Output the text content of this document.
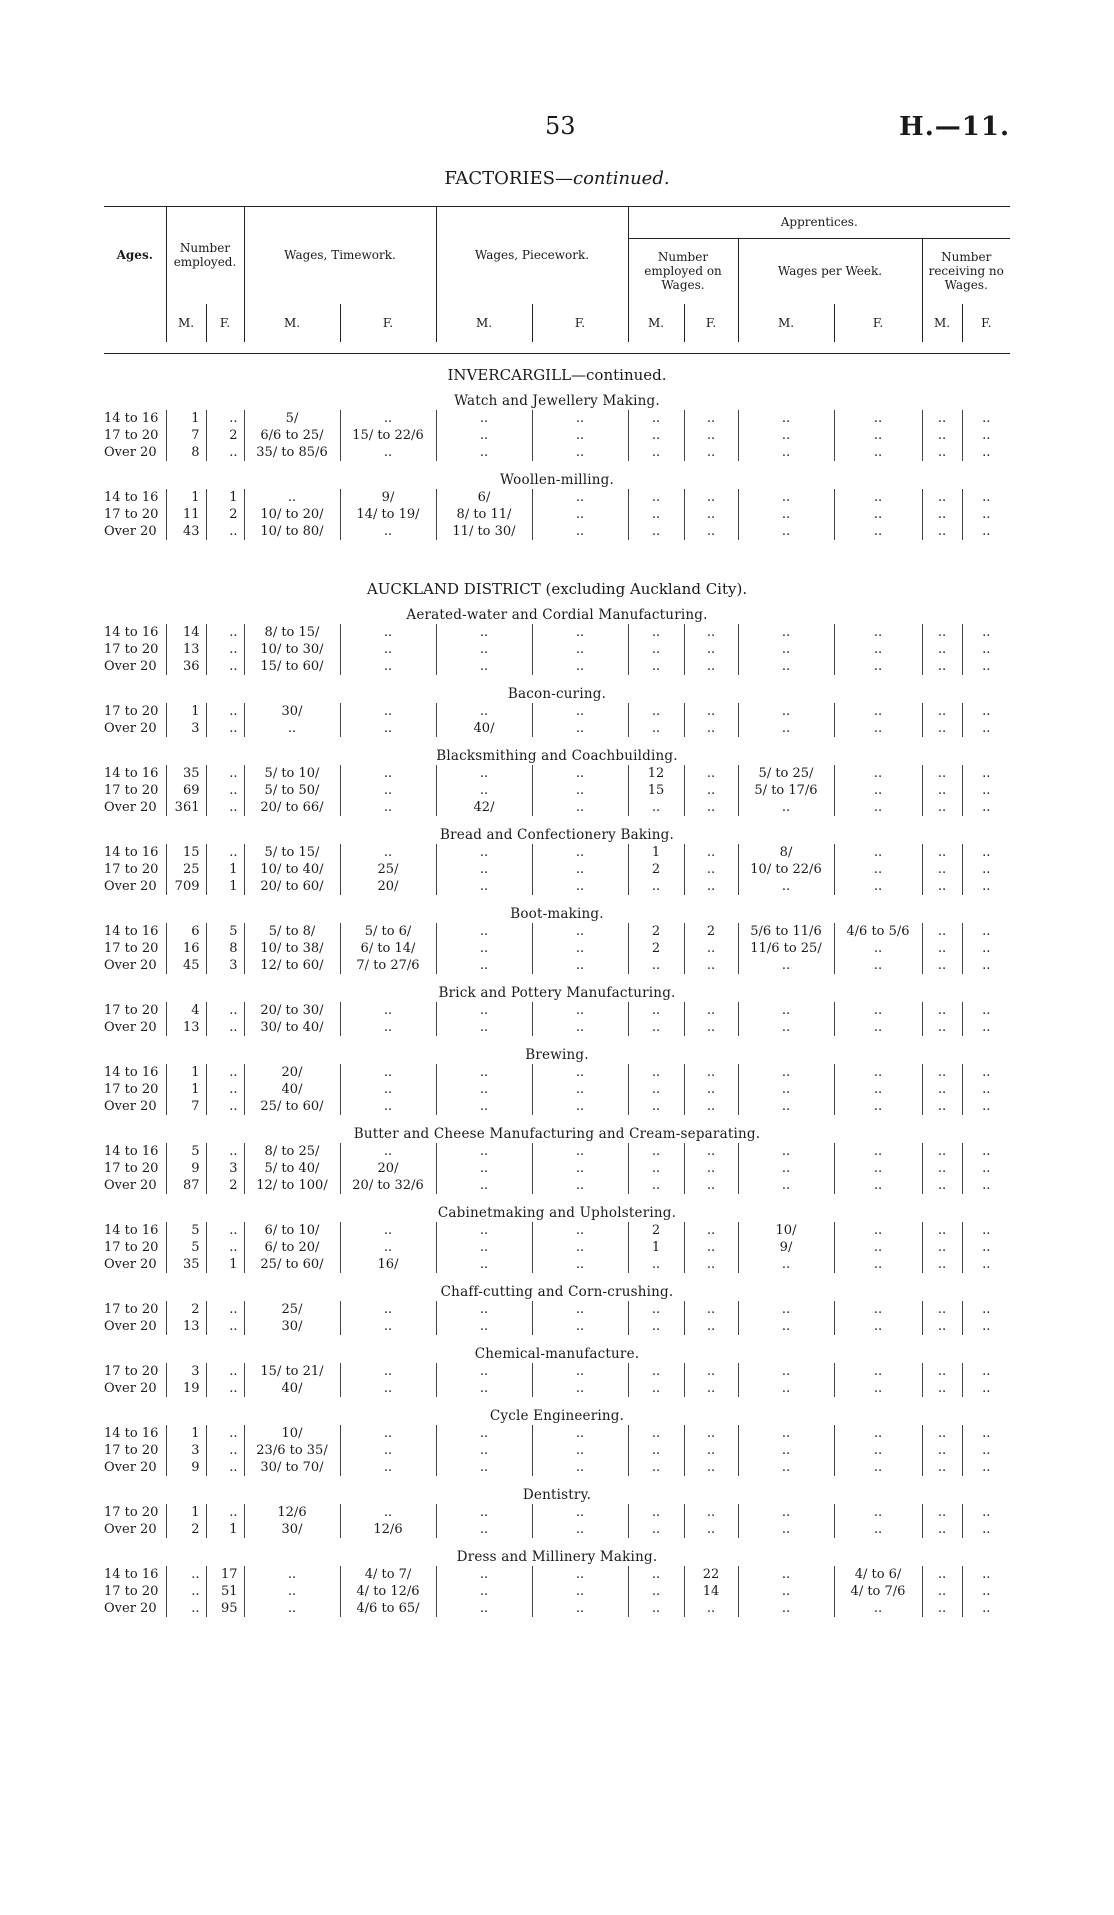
53	H.—11.
FACTORIES—continued.
Ages.	Number employed.		Wages, Timework.		Wages, Piecework.		Apprentices.					
							Number employed on Wages.		Wages per Week.		Number receiving no Wages.	
	M.	F.	M.	F.	M.	F.	M.	F.	M.	F.	M.	F.
INVERCARGILL—continued.
Watch and Jewellery Making.
14 to 16	1	..	5/	..	..	..	..	..	..	..	..	..
17 to 20	7	2	6/6 to 25/	15/ to 22/6	..	..	..	..	..	..	..	..
Over 20	8	..	35/ to 85/6	..	..	..	..	..	..	..	..	..
Woollen-milling.
14 to 16	1	1	..	9/	6/	..	..	..	..	..	..	..
17 to 20	11	2	10/ to 20/	14/ to 19/	8/ to 11/	..	..	..	..	..	..	..
Over 20	43	..	10/ to 80/	..	11/ to 30/	..	..	..	..	..	..	..
AUCKLAND DISTRICT (excluding Auckland City).
Aerated-water and Cordial Manufacturing.
14 to 16	14	..	8/ to 15/	..	..	..	..	..	..	..	..	..
17 to 20	13	..	10/ to 30/	..	..	..	..	..	..	..	..	..
Over 20	36	..	15/ to 60/	..	..	..	..	..	..	..	..	..
Bacon-curing.
17 to 20	1	..	30/	..	..	..	..	..	..	..	..	..
Over 20	3	..	..	..	40/	..	..	..	..	..	..	..
Blacksmithing and Coachbuilding.
14 to 16	35	..	5/ to 10/	..	..	..	12	..	5/ to 25/	..	..	..
17 to 20	69	..	5/ to 50/	..	..	..	15	..	5/ to 17/6	..	..	..
Over 20	361	..	20/ to 66/	..	42/	..	..	..	..	..	..	..
Bread and Confectionery Baking.
14 to 16	15	..	5/ to 15/	..	..	..	1	..	8/	..	..	..
17 to 20	25	1	10/ to 40/	25/	..	..	2	..	10/ to 22/6	..	..	..
Over 20	709	1	20/ to 60/	20/	..	..	..	..	..	..	..	..
Boot-making.
14 to 16	6	5	5/ to 8/	5/ to 6/	..	..	2	2	5/6 to 11/6	4/6 to 5/6	..	..
17 to 20	16	8	10/ to 38/	6/ to 14/	..	..	2	..	11/6 to 25/	..	..	..
Over 20	45	3	12/ to 60/	7/ to 27/6	..	..	..	..	..	..	..	..
Brick and Pottery Manufacturing.
17 to 20	4	..	20/ to 30/	..	..	..	..	..	..	..	..	..
Over 20	13	..	30/ to 40/	..	..	..	..	..	..	..	..	..
Brewing.
14 to 16	1	..	20/	..	..	..	..	..	..	..	..	..
17 to 20	1	..	40/	..	..	..	..	..	..	..	..	..
Over 20	7	..	25/ to 60/	..	..	..	..	..	..	..	..	..
Butter and Cheese Manufacturing and Cream-separating.
14 to 16	5	..	8/ to 25/	..	..	..	..	..	..	..	..	..
17 to 20	9	3	5/ to 40/	20/	..	..	..	..	..	..	..	..
Over 20	87	2	12/ to 100/	20/ to 32/6	..	..	..	..	..	..	..	..
Cabinetmaking and Upholstering.
14 to 16	5	..	6/ to 10/	..	..	..	2	..	10/	..	..	..
17 to 20	5	..	6/ to 20/	..	..	..	1	..	9/	..	..	..
Over 20	35	1	25/ to 60/	16/	..	..	..	..	..	..	..	..
Chaff-cutting and Corn-crushing.
17 to 20	2	..	25/	..	..	..	..	..	..	..	..	..
Over 20	13	..	30/	..	..	..	..	..	..	..	..	..
Chemical-manufacture.
17 to 20	3	..	15/ to 21/	..	..	..	..	..	..	..	..	..
Over 20	19	..	40/	..	..	..	..	..	..	..	..	..
Cycle Engineering.
14 to 16	1	..	10/	..	..	..	..	..	..	..	..	..
17 to 20	3	..	23/6 to 35/	..	..	..	..	..	..	..	..	..
Over 20	9	..	30/ to 70/	..	..	..	..	..	..	..	..	..
Dentistry.
17 to 20	1	..	12/6	..	..	..	..	..	..	..	..	..
Over 20	2	1	30/	12/6	..	..	..	..	..	..	..	..
Dress and Millinery Making.
14 to 16	..	17	..	4/ to 7/	..	..	..	22	..	4/ to 6/	..	..
17 to 20	..	51	..	4/ to 12/6	..	..	..	14	..	4/ to 7/6	..	..
Over 20	..	95	..	4/6 to 65/	..	..	..	..	..	..	..	..
